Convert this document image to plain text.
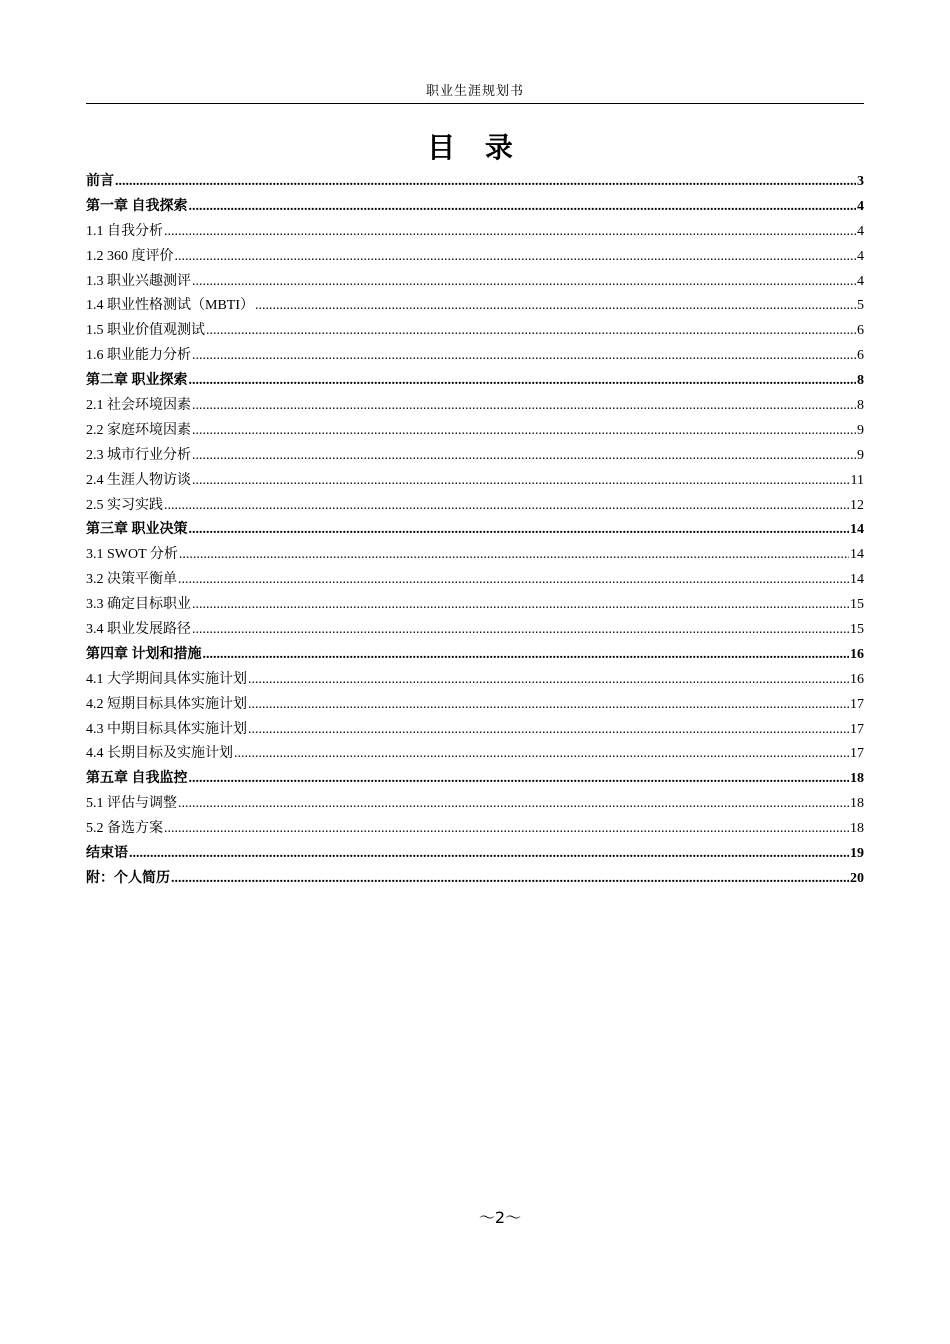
职业生涯规划书
目 录
前言 .....	3
第一章 自我探索 .....	4
1.1 自我分析 .....	4
1.2 360 度评价 .....	4
1.3 职业兴趣测评 .....	4
1.4 职业性格测试（MBTI） .....	5
1.5 职业价值观测试 .....	6
1.6 职业能力分析 .....	6
第二章 职业探索 .....	8
2.1 社会环境因素 .....	8
2.2 家庭环境因素 .....	9
2.3 城市行业分析 .....	9
2.4 生涯人物访谈 .....	11
2.5 实习实践 .....	12
第三章 职业决策 .....	14
3.1 SWOT 分析 .....	14
3.2 决策平衡单 .....	14
3.3 确定目标职业 .....	15
3.4 职业发展路径 .....	15
第四章 计划和措施 .....	16
4.1 大学期间具体实施计划 .....	16
4.2 短期目标具体实施计划 .....	17
4.3 中期目标具体实施计划 .....	17
4.4 长期目标及实施计划 .....	17
第五章 自我监控 .....	18
5.1 评估与调整 .....	18
5.2 备选方案 .....	18
结束语 .....	19
附：个人简历 .....	20
～2～
